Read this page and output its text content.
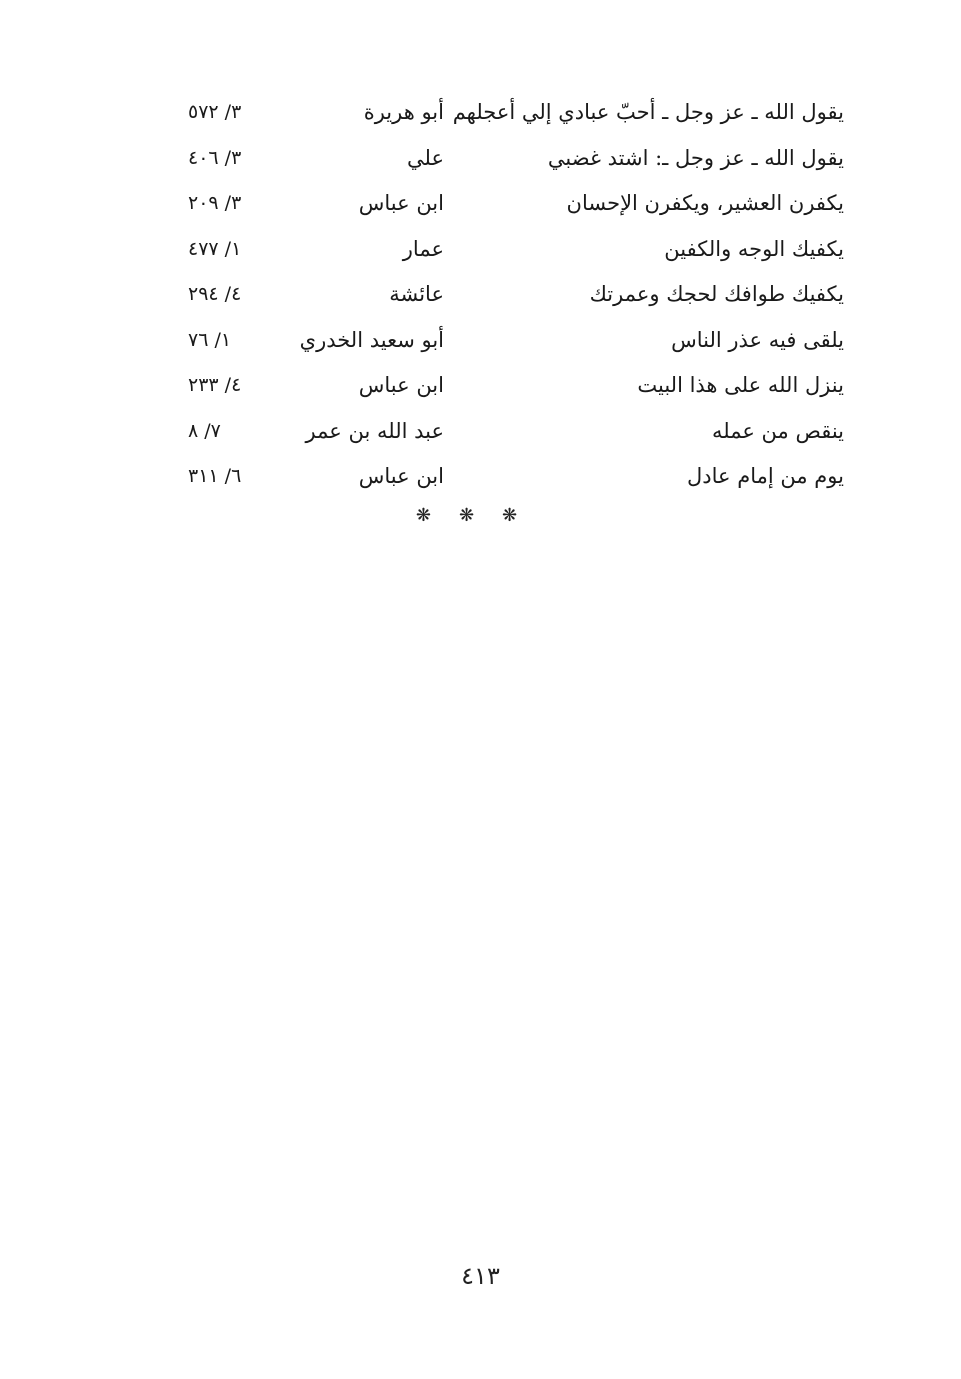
يقول الله ـ عز وجل ـ أحبّ عبادي إلي أعجلهم
أبو هريرة
٣/ ٥٧٢
يقول الله ـ عز وجل ـ: اشتد غضبي
علي
٣/ ٤٠٦
يكفرن العشير، ويكفرن الإحسان
ابن عباس
٣/ ٢٠٩
يكفيك الوجه والكفين
عمار
١/ ٤٧٧
يكفيك طوافك لحجك وعمرتك
عائشة
٤/ ٢٩٤
يلقى فيه عذر الناس
أبو سعيد الخدري
١/ ٧٦
ينزل الله على هذا البيت
ابن عباس
٤/ ٢٣٣
ينقص من عمله
عبد الله بن عمر
٧/ ٨
يوم من إمام عادل
ابن عباس
٦/ ٣١١
❋❋❋
٤١٣
